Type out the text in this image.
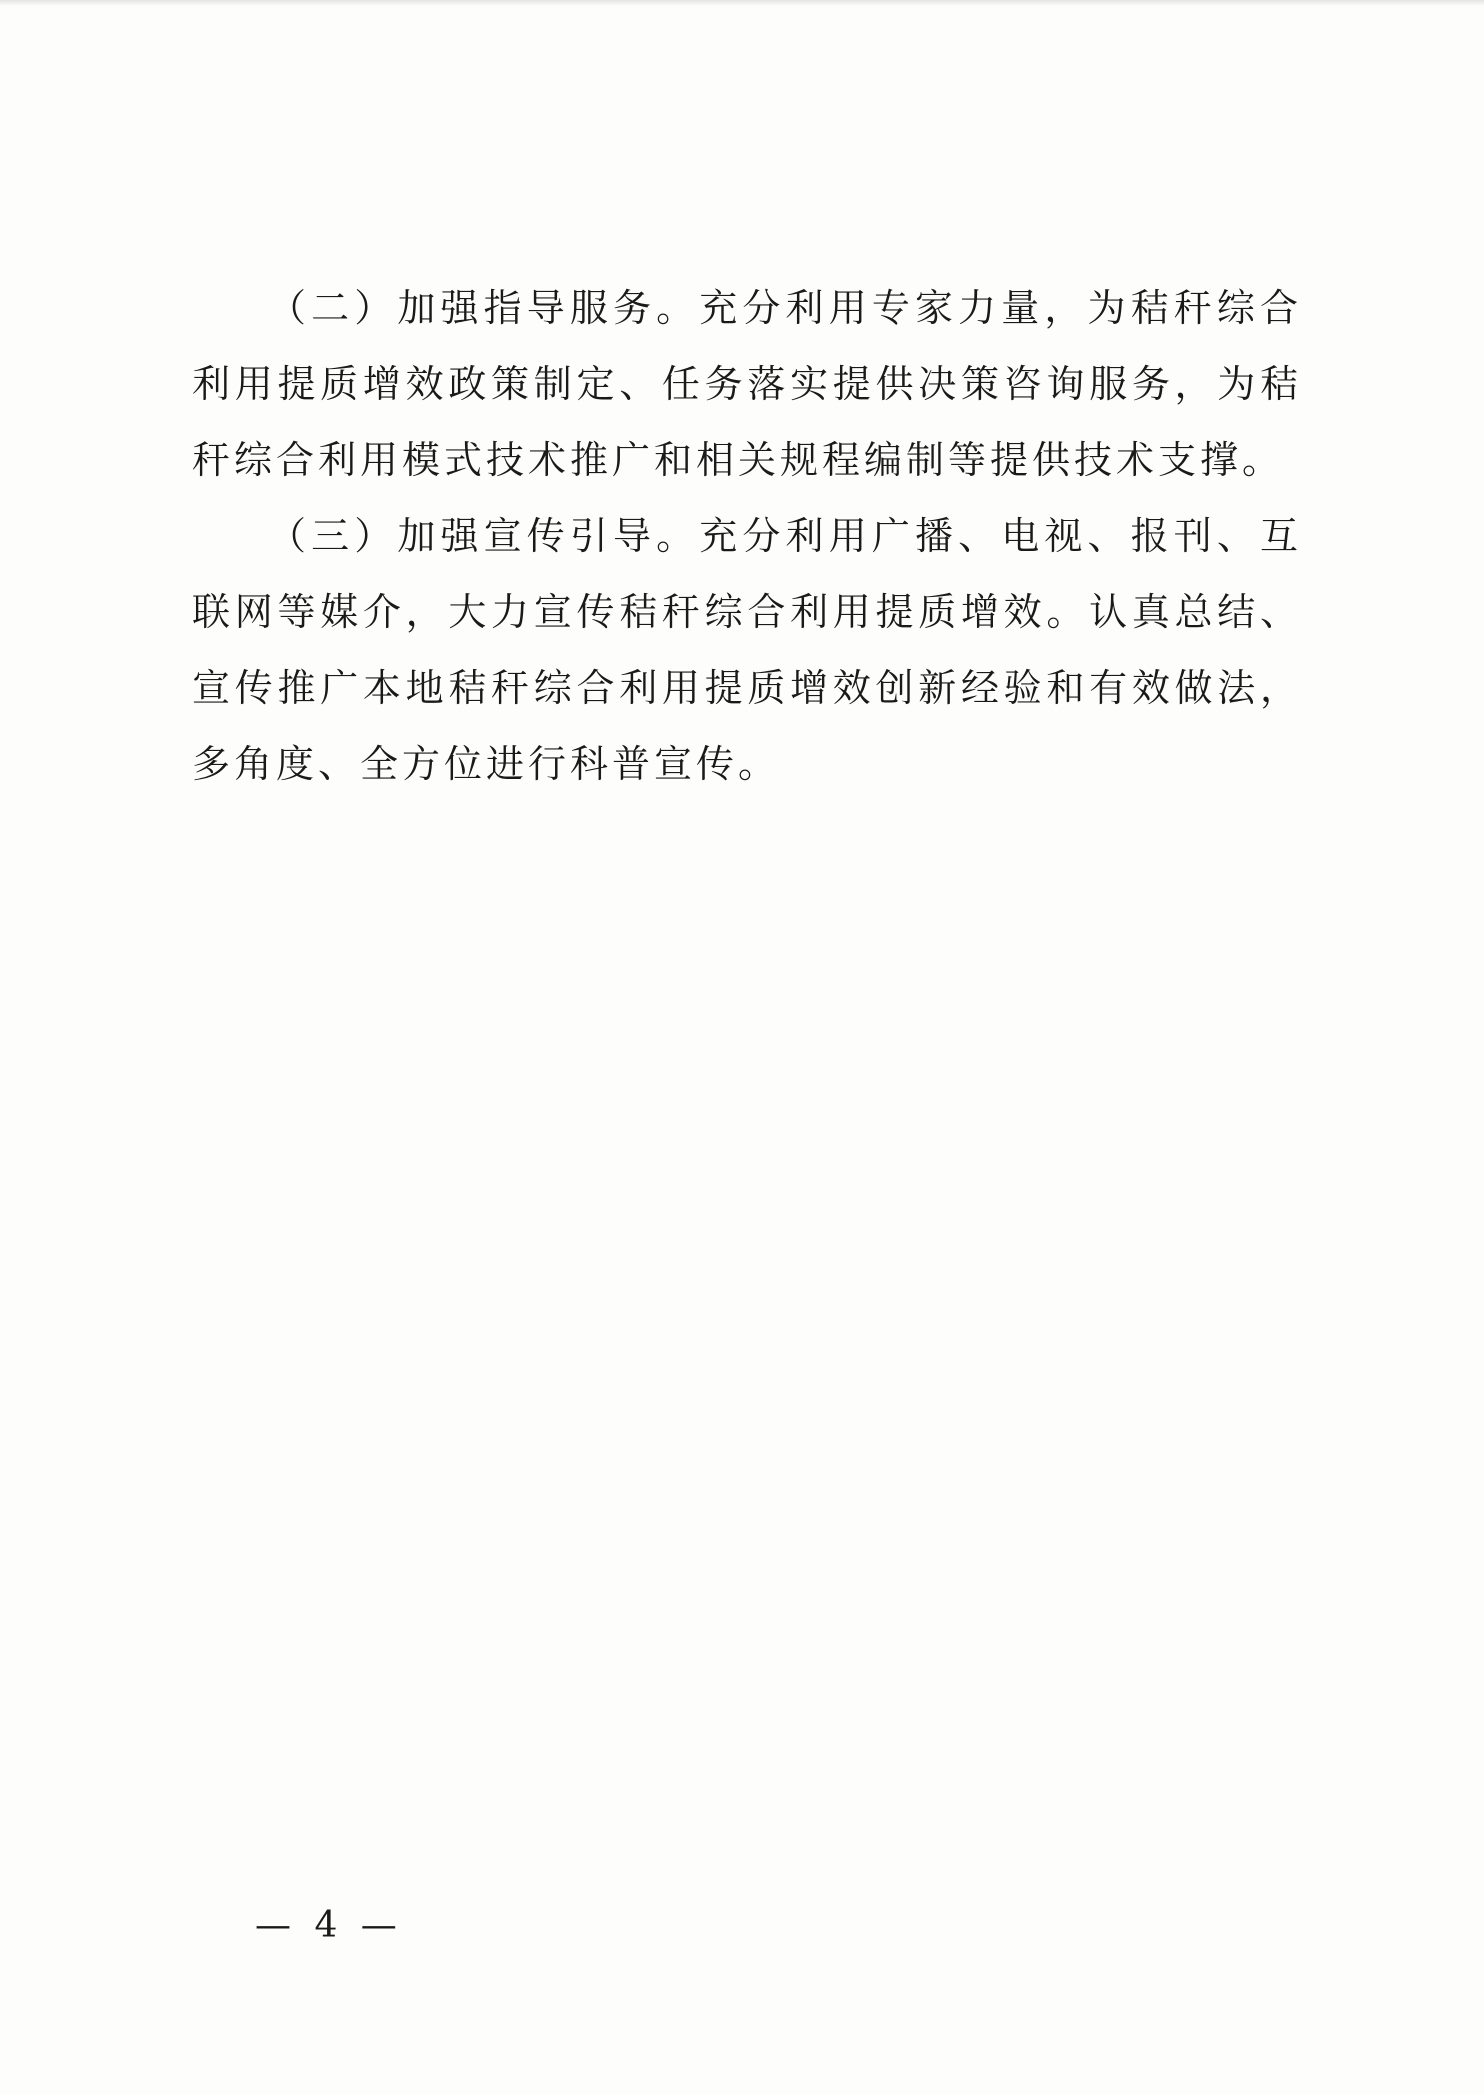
（二）加强指导服务。充分利用专家力量，为秸秆综合利用提质增效政策制定、任务落实提供决策咨询服务，为秸秆综合利用模式技术推广和相关规程编制等提供技术支撑。

（三）加强宣传引导。充分利用广播、电视、报刊、互联网等媒介，大力宣传秸秆综合利用提质增效。认真总结、宣传推广本地秸秆综合利用提质增效创新经验和有效做法，多角度、全方位进行科普宣传。

— 4 —
